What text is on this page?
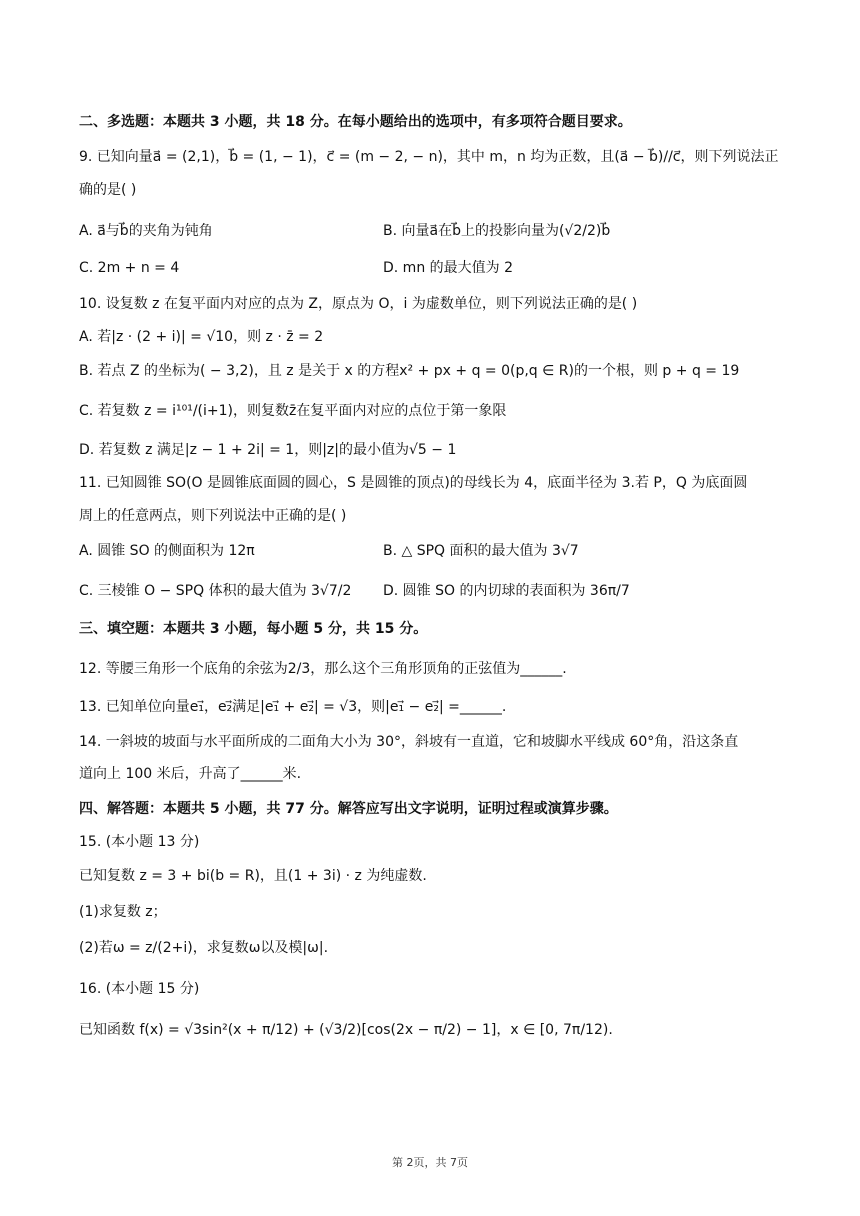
二、多选题：本题共 3 小题，共 18 分。在每小题给出的选项中，有多项符合题目要求。
9. 已知向量a⃗ = (2,1)，b⃗ = (1, − 1)，c⃗ = (m − 2, − n)，其中 m，n 均为正数，且(a⃗ − b⃗)//c⃗，则下列说法正
确的是( )
A. a⃗与b⃗的夹角为钝角	B. 向量a⃗在b⃗上的投影向量为(√2/2)b⃗
C. 2m + n = 4	D. mn 的最大值为 2
10. 设复数 z 在复平面内对应的点为 Z，原点为 O，i 为虚数单位，则下列说法正确的是( )
A. 若|z · (2 + i)| = √10，则 z · z̄ = 2
B. 若点 Z 的坐标为( − 3,2)，且 z 是关于 x 的方程x² + px + q = 0(p,q ∈ R)的一个根，则 p + q = 19
C. 若复数 z = i¹⁰¹/(i+1)，则复数z̄在复平面内对应的点位于第一象限
D. 若复数 z 满足|z − 1 + 2i| = 1，则|z|的最小值为√5 − 1
11. 已知圆锥 SO(O 是圆锥底面圆的圆心，S 是圆锥的顶点)的母线长为 4，底面半径为 3.若 P，Q 为底面圆
周上的任意两点，则下列说法中正确的是( )
A. 圆锥 SO 的侧面积为 12π	B. △ SPQ 面积的最大值为 3√7
C. 三棱锥 O − SPQ 体积的最大值为 3√7/2 D. 圆锥 SO 的内切球的表面积为 36π/7
三、填空题：本题共 3 小题，每小题 5 分，共 15 分。
12. 等腰三角形一个底角的余弦为2/3，那么这个三角形顶角的正弦值为______.
13. 已知单位向量e₁⃗，e₂⃗满足|e₁⃗ + e₂⃗| = √3，则|e₁⃗ − e₂⃗| =______.
14. 一斜坡的坡面与水平面所成的二面角大小为 30°，斜坡有一直道，它和坡脚水平线成 60°角，沿这条直
道向上 100 米后，升高了______米.
四、解答题：本题共 5 小题，共 77 分。解答应写出文字说明，证明过程或演算步骤。
15. (本小题 13 分)
已知复数 z = 3 + bi(b = R)，且(1 + 3i) · z 为纯虚数.
(1)求复数 z；
(2)若ω = z/(2+i)，求复数ω以及模|ω|.
16. (本小题 15 分)
已知函数 f(x) = √3sin²(x + π/12) + (√3/2)[cos(2x − π/2) − 1]，x ∈ [0, 7π/12).
第 2页，共 7页
